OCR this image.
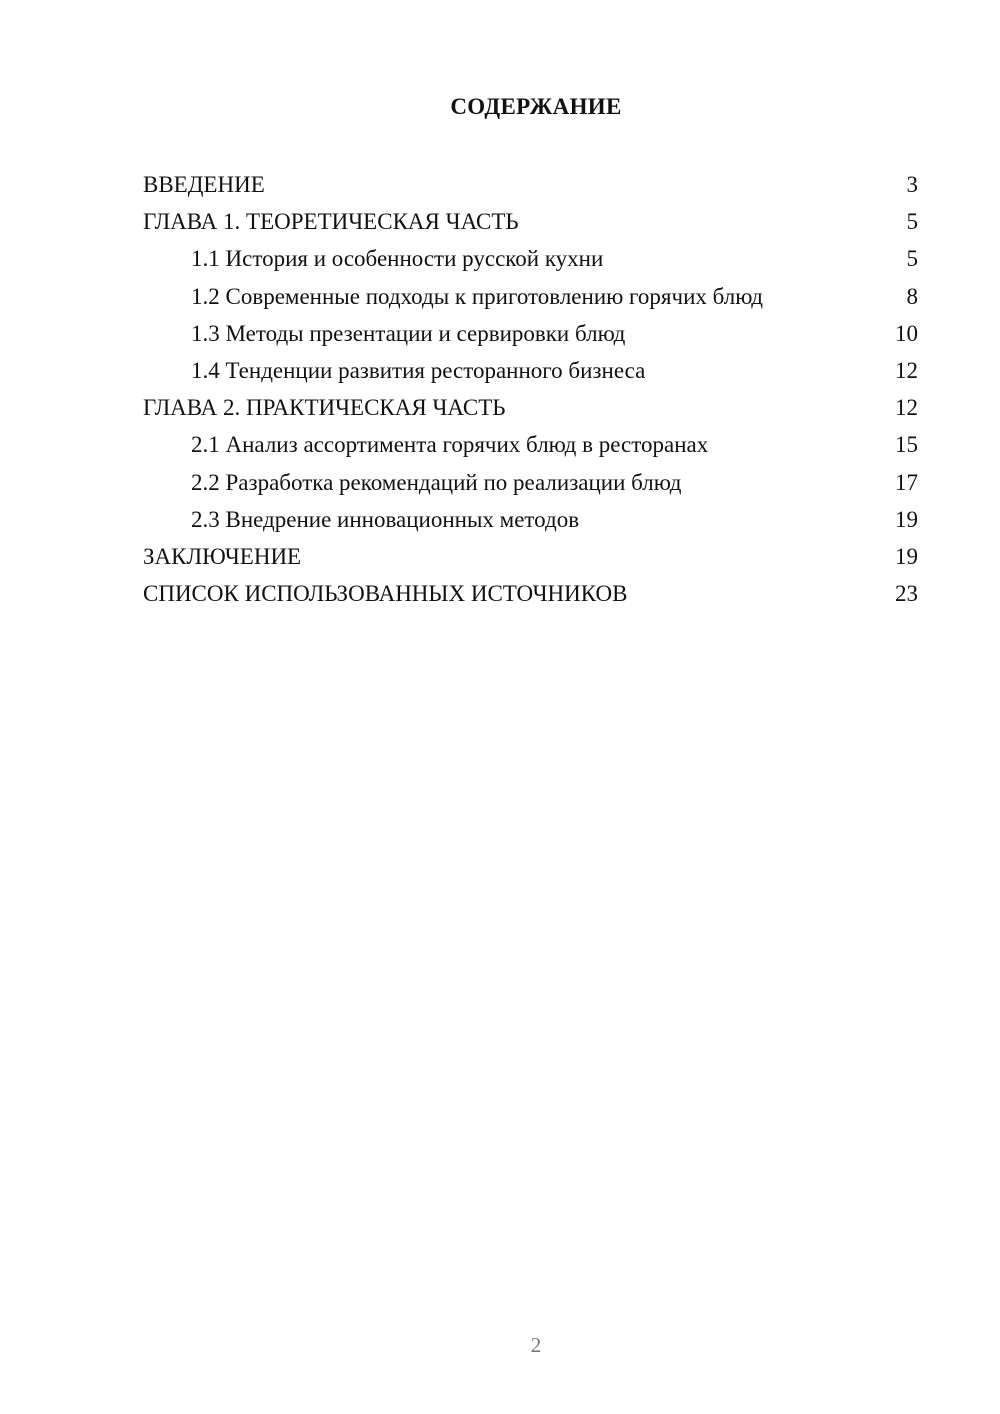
СОДЕРЖАНИЕ
ВВЕДЕНИЕ	3
ГЛАВА 1. ТЕОРЕТИЧЕСКАЯ ЧАСТЬ	5
1.1 История и особенности русской кухни	5
1.2 Современные подходы к приготовлению горячих блюд	8
1.3 Методы презентации и сервировки блюд	10
1.4 Тенденции развития ресторанного бизнеса	12
ГЛАВА 2. ПРАКТИЧЕСКАЯ ЧАСТЬ	12
2.1 Анализ ассортимента горячих блюд в ресторанах	15
2.2 Разработка рекомендаций по реализации блюд	17
2.3 Внедрение инновационных методов	19
ЗАКЛЮЧЕНИЕ	19
СПИСОК ИСПОЛЬЗОВАННЫХ ИСТОЧНИКОВ	23
2
